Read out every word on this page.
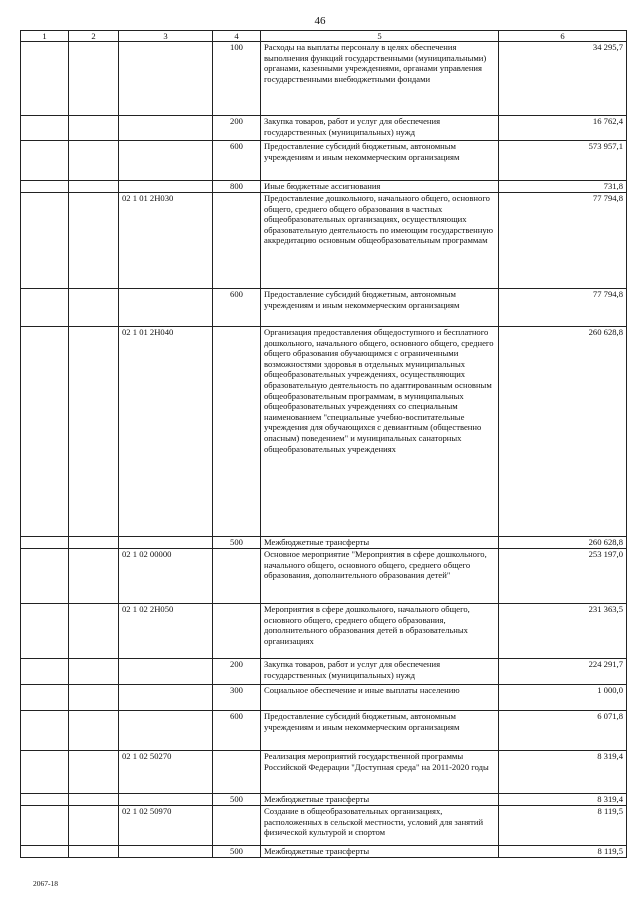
46
1	2	3	4	5	6
			100	Расходы на выплаты персоналу в целях обеспечения выполнения функций государственными (муниципальными) органами, казенными учреждениями, органами управления государственными внебюджетными фондами	34 295,7
			200	Закупка товаров, работ и услуг для обеспечения государственных (муниципальных) нужд	16 762,4
			600	Предоставление субсидий бюджетным, автономным учреждениям и иным некоммерческим организациям	573 957,1
			800	Иные бюджетные ассигнования	731,8
		02 1 01 2Н030		Предоставление дошкольного, начального общего, основного общего, среднего общего образования в частных общеобразовательных организациях, осуществляющих образовательную деятельность по имеющим государственную аккредитацию основным общеобразовательным программам	77 794,8
			600	Предоставление субсидий бюджетным, автономным учреждениям и иным некоммерческим организациям	77 794,8
		02 1 01 2Н040		Организация предоставления общедоступного и бесплатного дошкольного, начального общего, основного общего, среднего общего образования обучающимся с ограниченными возможностями здоровья в отдельных муниципальных общеобразовательных учреждениях, осуществляющих образовательную деятельность по адаптированным основным общеобразовательным программам, в муниципальных общеобразовательных учреждениях со специальным наименованием "специальные учебно-воспитательные учреждения для обучающихся с девиантным (общественно опасным) поведением" и муниципальных санаторных общеобразовательных учреждениях	260 628,8
			500	Межбюджетные трансферты	260 628,8
		02 1 02 00000		Основное мероприятие "Мероприятия в сфере дошкольного, начального общего, основного общего, среднего общего образования, дополнительного образования детей"	253 197,0
		02 1 02 2Н050		Мероприятия в сфере дошкольного, начального общего, основного общего, среднего общего образования, дополнительного образования детей в образовательных организациях	231 363,5
			200	Закупка товаров, работ и услуг для обеспечения государственных (муниципальных) нужд	224 291,7
			300	Социальное обеспечение и иные выплаты населению	1 000,0
			600	Предоставление субсидий бюджетным, автономным учреждениям и иным некоммерческим организациям	6 071,8
		02 1 02 50270		Реализация мероприятий государственной программы Российской Федерации "Доступная среда" на 2011-2020 годы	8 319,4
			500	Межбюджетные трансферты	8 319,4
		02 1 02 50970		Создание в общеобразовательных организациях, расположенных в сельской местности, условий для занятий физической культурой и спортом	8 119,5
			500	Межбюджетные трансферты	8 119,5
2067-18
